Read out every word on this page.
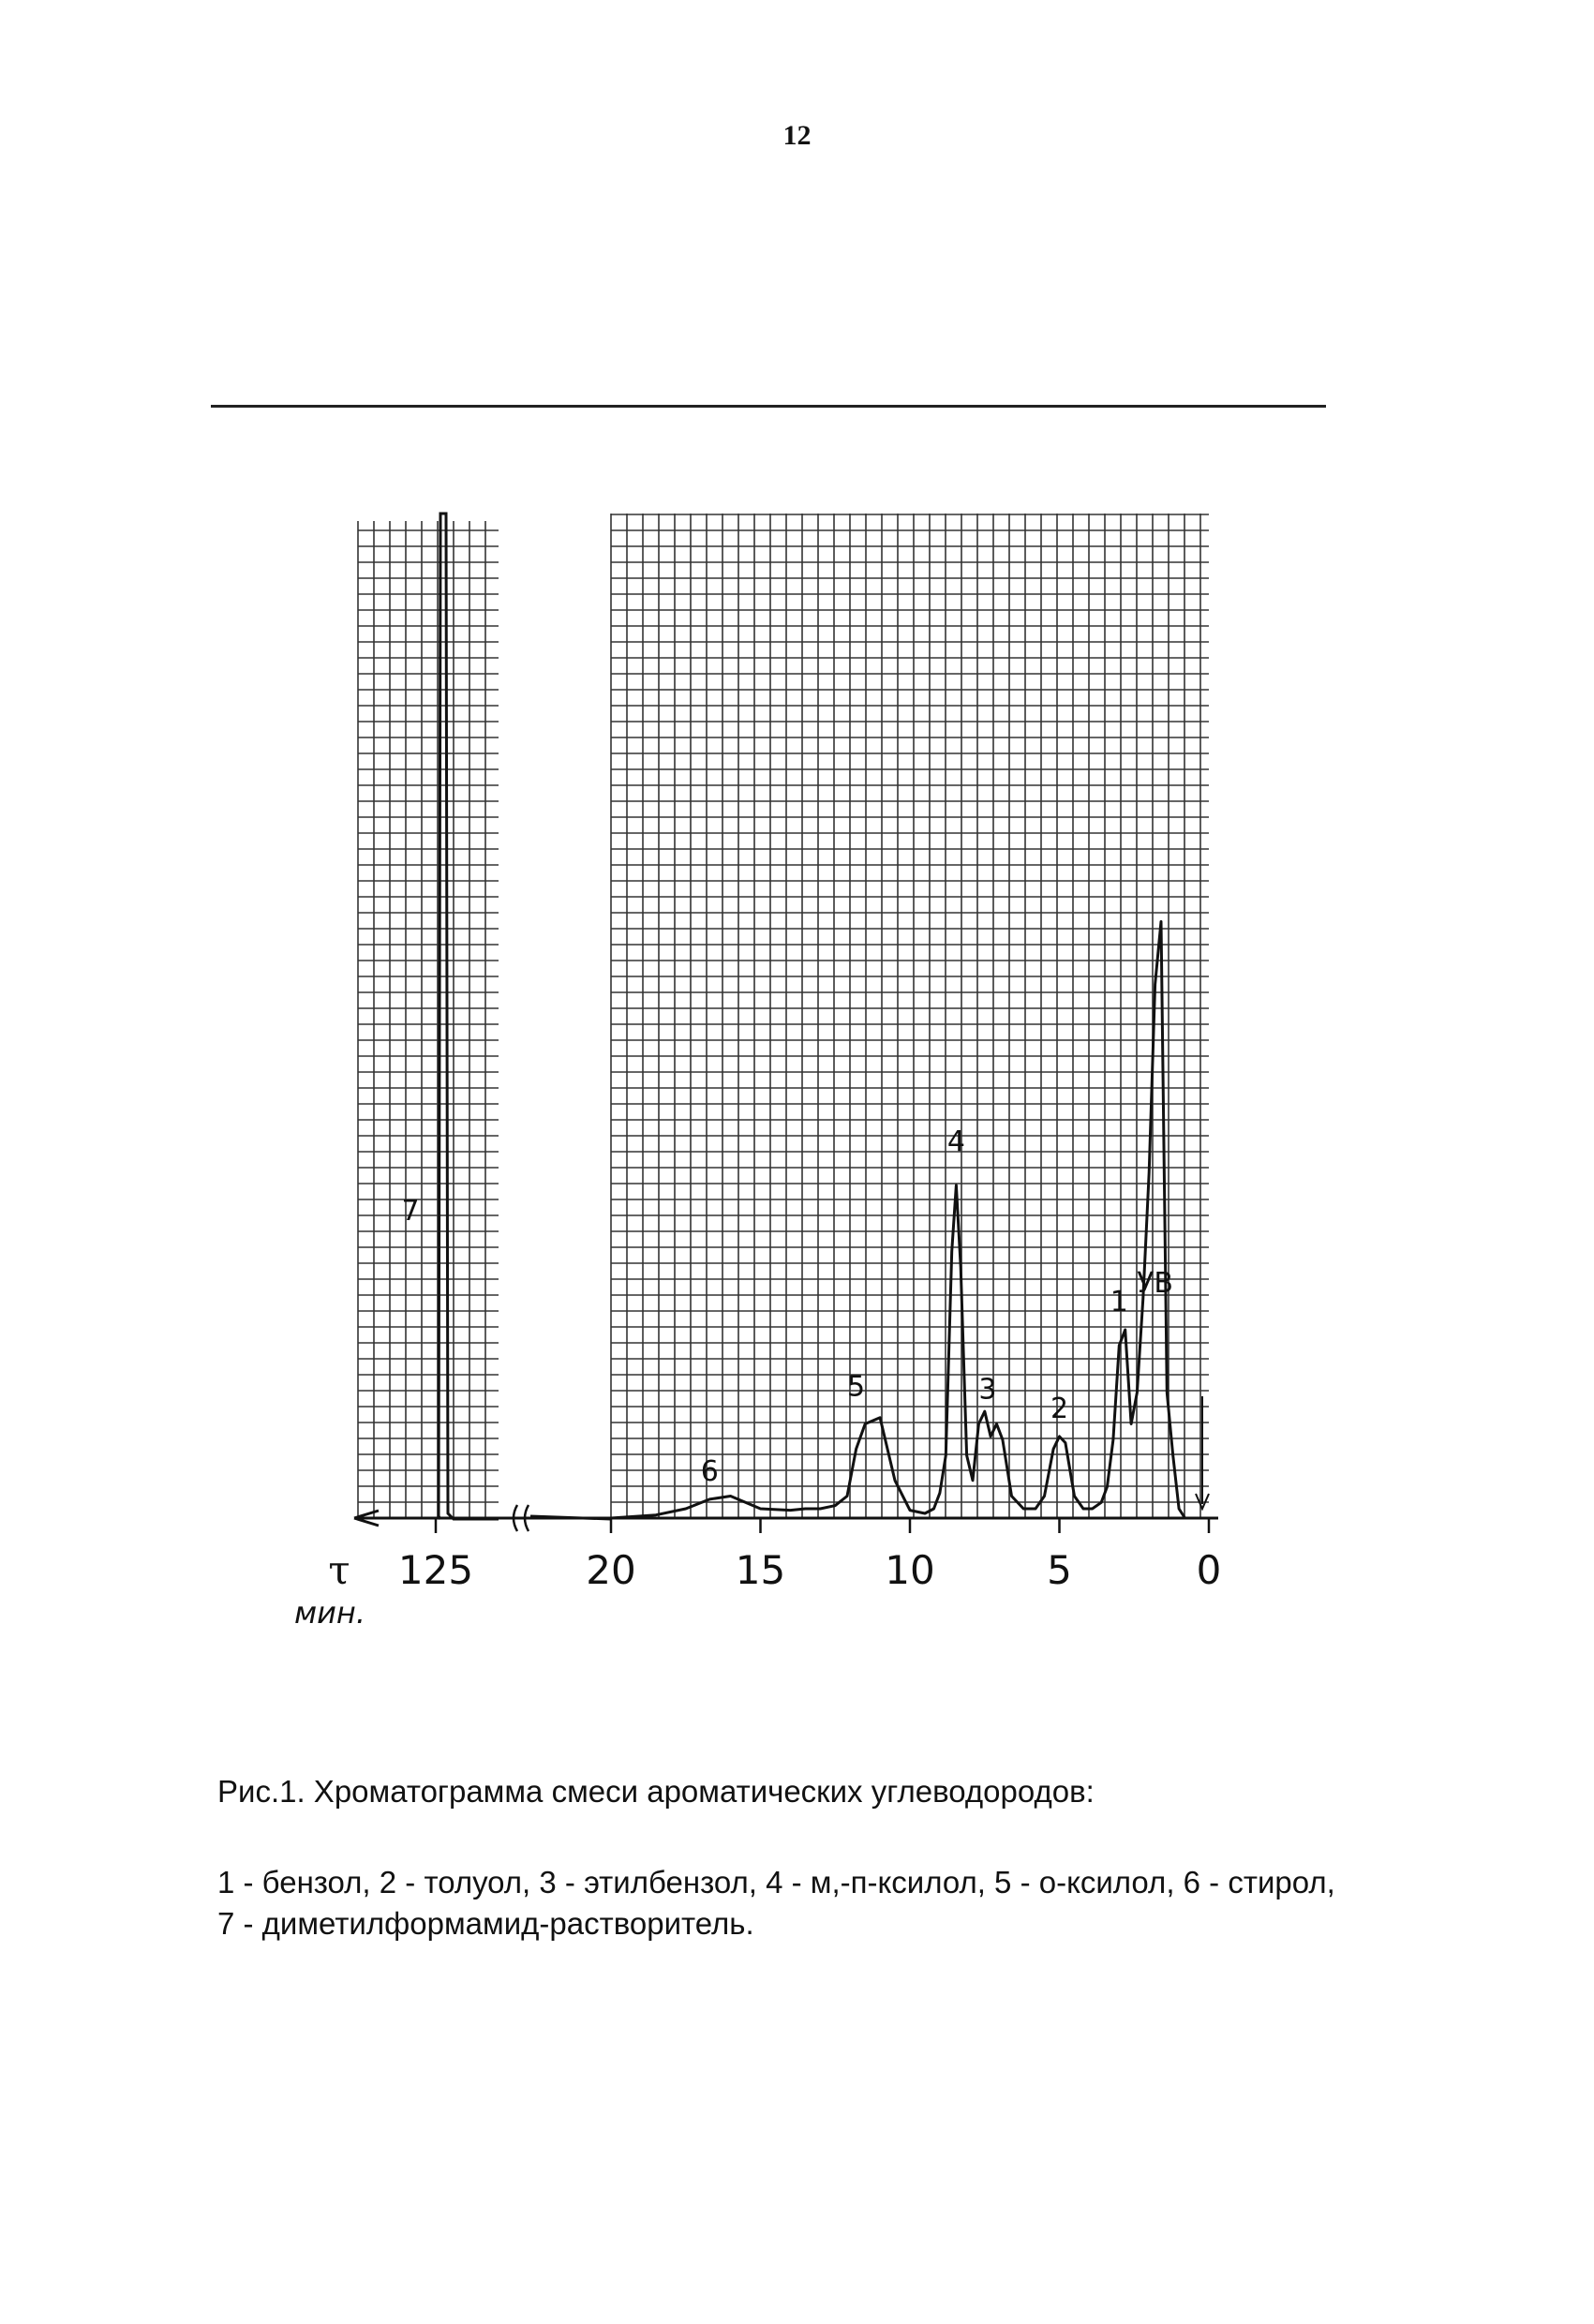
12
УВ
1
2
3
4
5
6
7
125	20	15	10	5	0
τ
мин.
Рис.1. Хроматограмма смеси ароматических углеводородов:
1 - бензол, 2 - толуол, 3 - этилбензол, 4 - м,-п-ксилол, 5 - о-ксилол, 6 - стирол,
7 - диметилформамид-растворитель.
